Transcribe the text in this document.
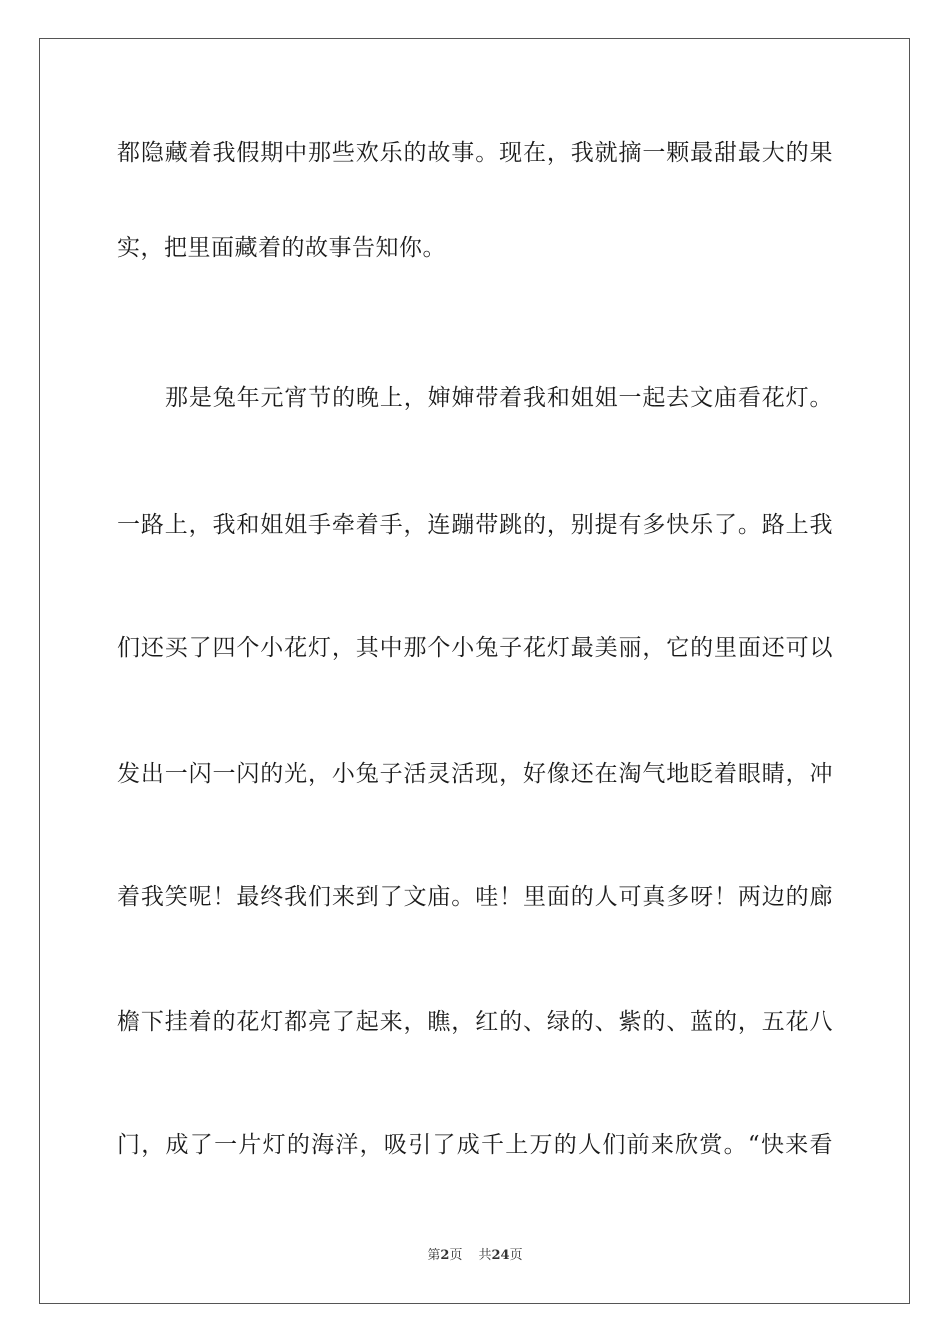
都隐藏着我假期中那些欢乐的故事。现在，我就摘一颗最甜最大的果
实，把里面藏着的故事告知你。
那是兔年元宵节的晚上，婶婶带着我和姐姐一起去文庙看花灯。
一路上，我和姐姐手牵着手，连蹦带跳的，别提有多快乐了。路上我
们还买了四个小花灯，其中那个小兔子花灯最美丽，它的里面还可以
发出一闪一闪的光，小兔子活灵活现，好像还在淘气地眨着眼睛，冲
着我笑呢！最终我们来到了文庙。哇！里面的人可真多呀！两边的廊
檐下挂着的花灯都亮了起来，瞧，红的、绿的、紫的、蓝的，五花八
门，成了一片灯的海洋，吸引了成千上万的人们前来欣赏。“快来看
第2页 共24页
